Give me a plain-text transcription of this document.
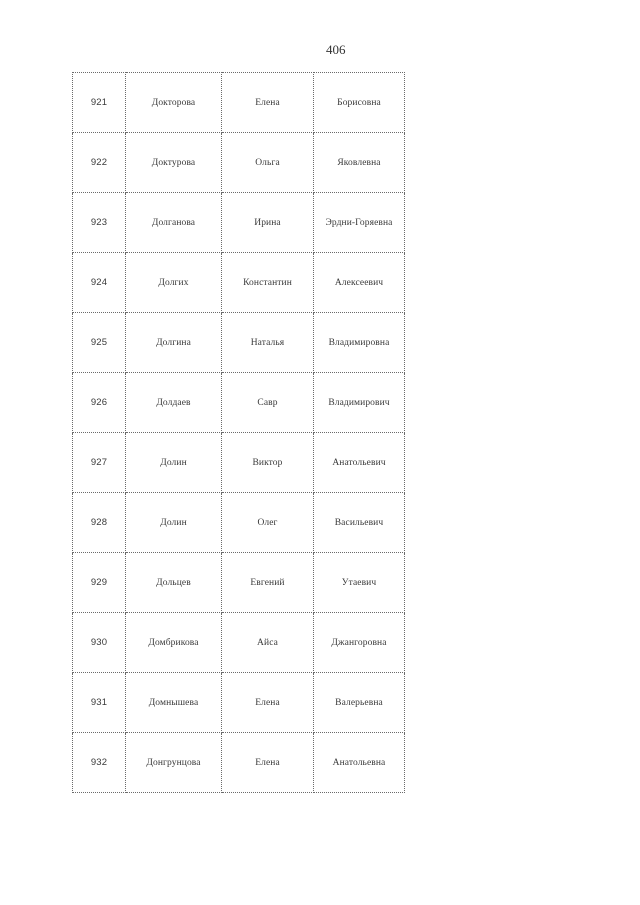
406
921	Докторова	Елена	Борисовна
922	Доктурова	Ольга	Яковлевна
923	Долганова	Ирина	Эрдни-Горяевна
924	Долгих	Константин	Алексеевич
925	Долгина	Наталья	Владимировна
926	Долдаев	Савр	Владимирович
927	Долин	Виктор	Анатольевич
928	Долин	Олег	Васильевич
929	Дольцев	Евгений	Утаевич
930	Домбрикова	Айса	Джангоровна
931	Домнышева	Елена	Валерьевна
932	Донгрунцова	Елена	Анатольевна
